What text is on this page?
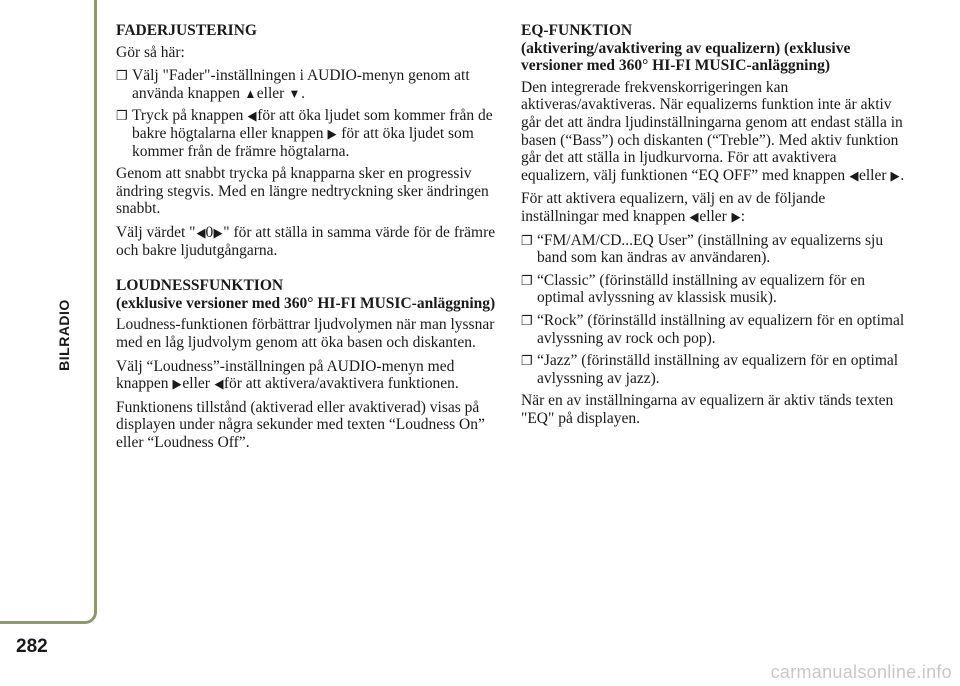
BILRADIO
282
carmanualsonline.info

FADERJUSTERING

Gör så här:

❐ Välj "Fader"-inställningen i AUDIO-menyn genom att använda knappen ▲eller ▼.

❐ Tryck på knappen ◀för att öka ljudet som kommer från de bakre högtalarna eller knappen ▶ för att öka ljudet som kommer från de främre högtalarna.

Genom att snabbt trycka på knapparna sker en progressiv ändring stegvis. Med en längre nedtryckning sker ändringen snabbt.

Välj värdet "◀0▶" för att ställa in samma värde för de främre och bakre ljudutgångarna.

LOUDNESSFUNKTION

(exklusive versioner med 360° HI-FI MUSIC-anläggning)

Loudness-funktionen förbättrar ljudvolymen när man lyssnar med en låg ljudvolym genom att öka basen och diskanten.

Välj “Loudness”-inställningen på AUDIO-menyn med knappen ▶eller ◀för att aktivera/avaktivera funktionen.

Funktionens tillstånd (aktiverad eller avaktiverad) visas på displayen under några sekunder med texten “Loudness On” eller “Loudness Off”.

EQ-FUNKTION

(aktivering/avaktivering av equalizern) (exklusive versioner med 360° HI-FI MUSIC-anläggning)

Den integrerade frekvenskorrigeringen kan aktiveras/avaktiveras. När equalizerns funktion inte är aktiv går det att ändra ljudinställningarna genom att endast ställa in basen (“Bass”) och diskanten (“Treble”). Med aktiv funktion går det att ställa in ljudkurvorna. För att avaktivera equalizern, välj funktionen “EQ OFF” med knappen ◀eller ▶.

För att aktivera equalizern, välj en av de följande inställningar med knappen ◀eller ▶:

❐ “FM/AM/CD...EQ User” (inställning av equalizerns sju band som kan ändras av användaren).

❐ “Classic” (förinställd inställning av equalizern för en optimal avlyssning av klassisk musik).

❐ “Rock” (förinställd inställning av equalizern för en optimal avlyssning av rock och pop).

❐ “Jazz” (förinställd inställning av equalizern för en optimal avlyssning av jazz).

När en av inställningarna av equalizern är aktiv tänds texten "EQ" på displayen.
